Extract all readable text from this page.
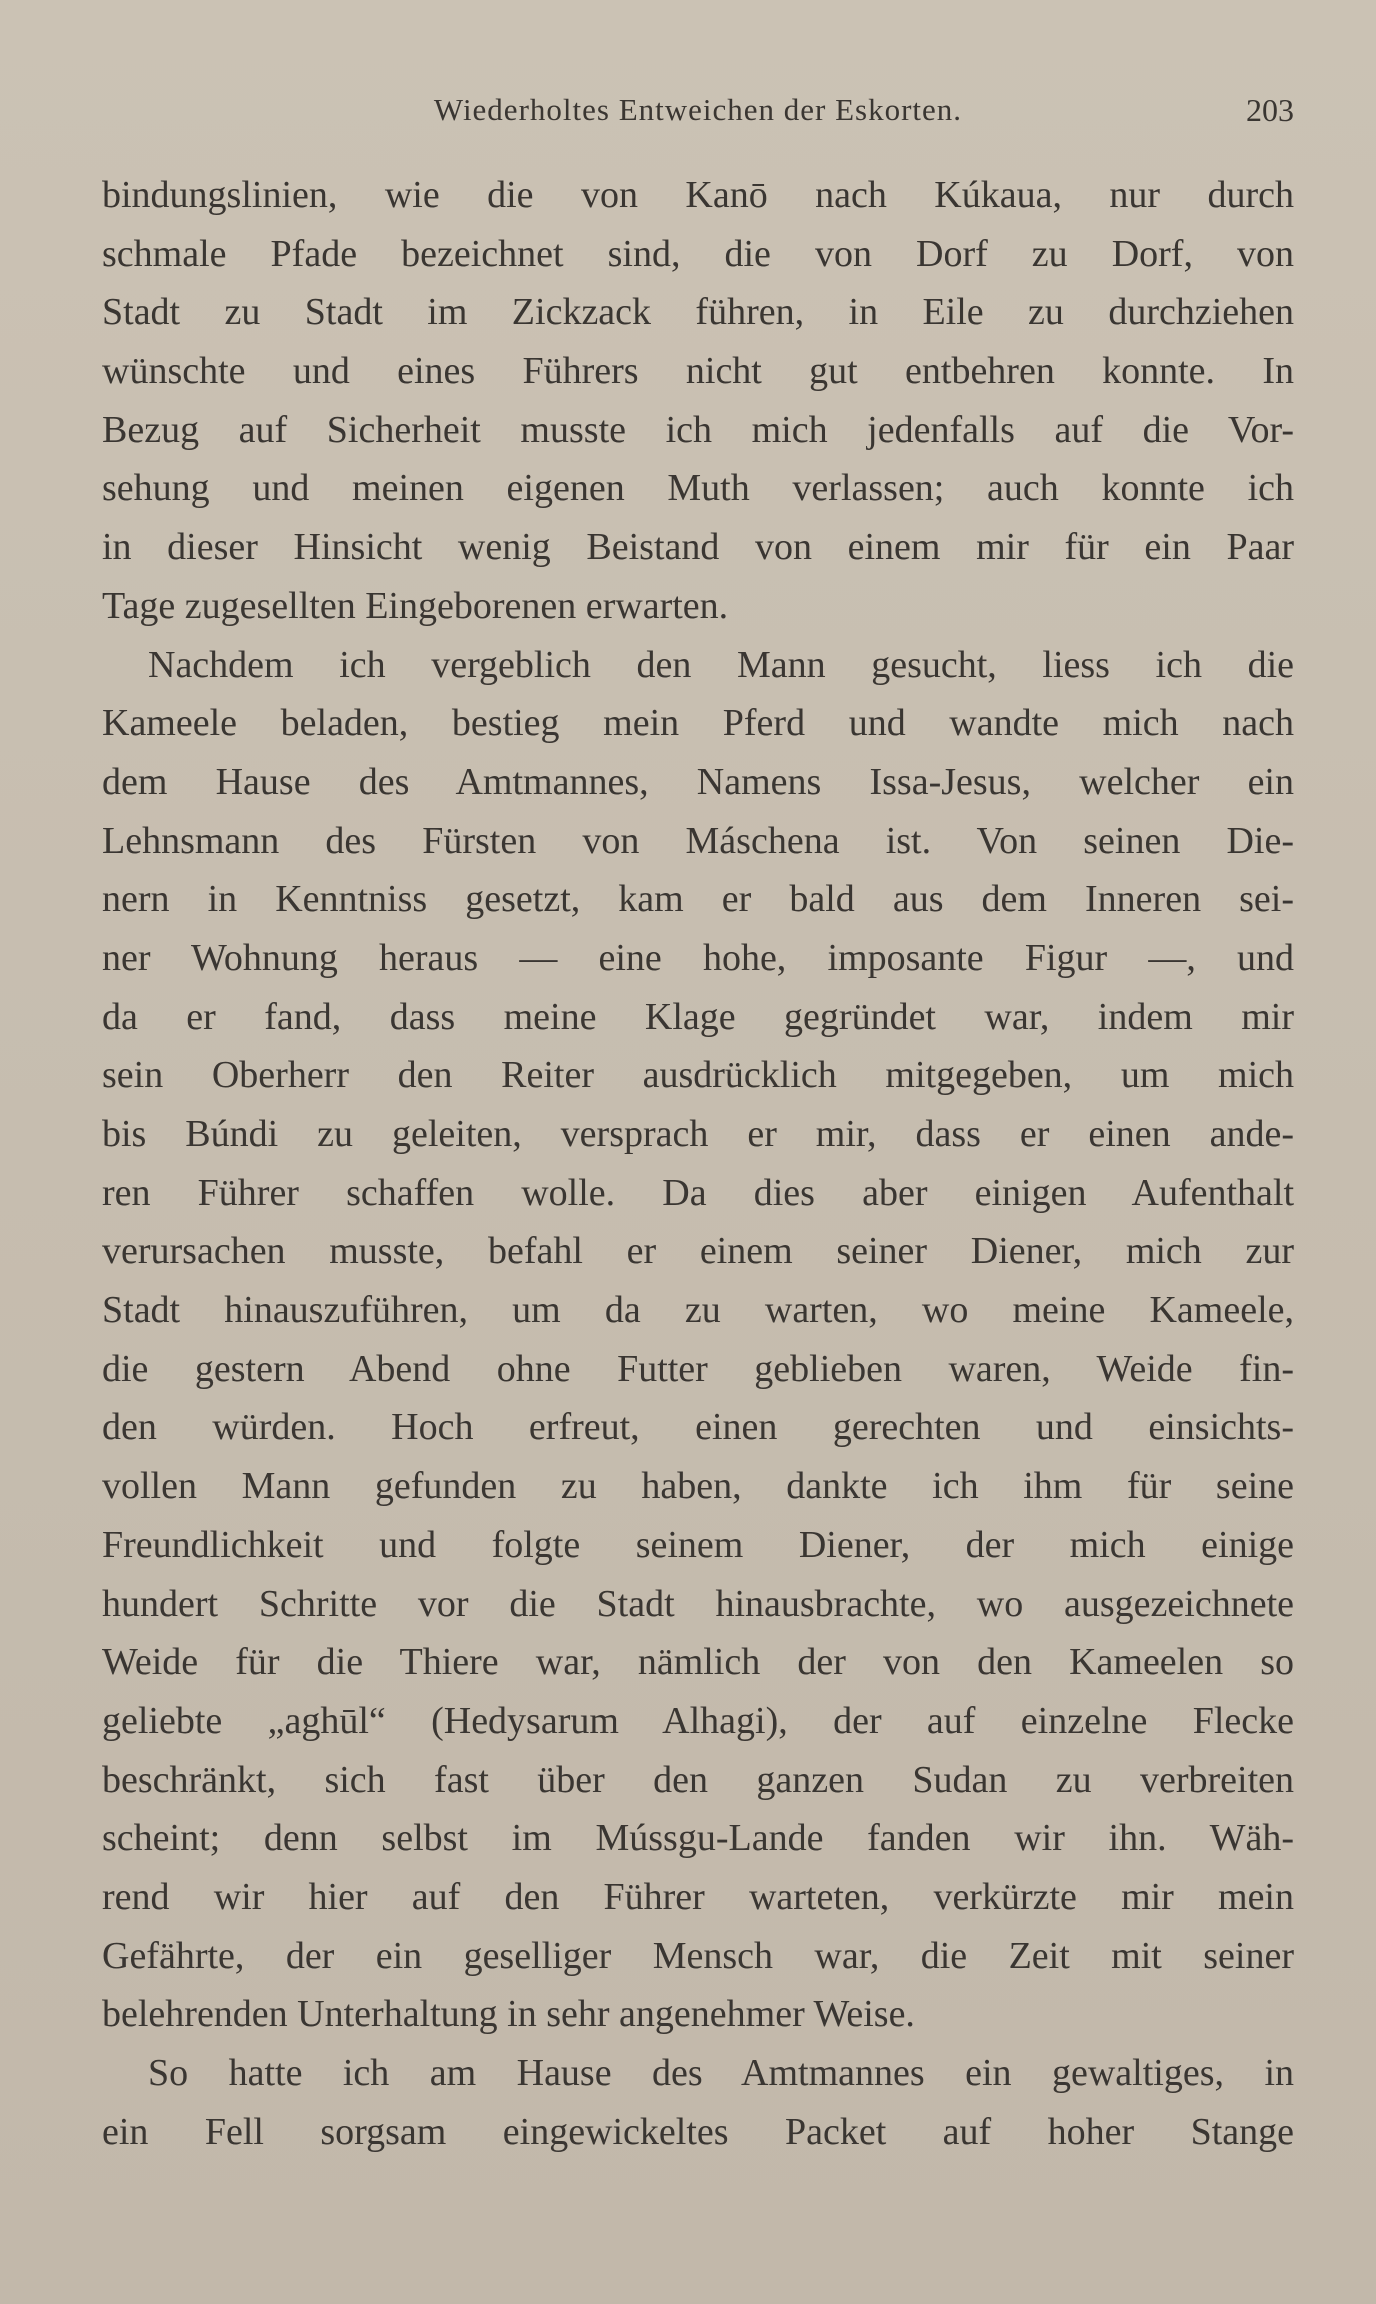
Wiederholtes Entweichen der Eskorten.	203
bindungslinien, wie die von Kanō nach Kúkaua, nur durch
schmale Pfade bezeichnet sind, die von Dorf zu Dorf, von
Stadt zu Stadt im Zickzack führen, in Eile zu durchziehen
wünschte und eines Führers nicht gut entbehren konnte. In
Bezug auf Sicherheit musste ich mich jedenfalls auf die Vor-
sehung und meinen eigenen Muth verlassen; auch konnte ich
in dieser Hinsicht wenig Beistand von einem mir für ein Paar
Tage zugesellten Eingeborenen erwarten.
Nachdem ich vergeblich den Mann gesucht, liess ich die
Kameele beladen, bestieg mein Pferd und wandte mich nach
dem Hause des Amtmannes, Namens Issa-Jesus, welcher ein
Lehnsmann des Fürsten von Máschena ist. Von seinen Die-
nern in Kenntniss gesetzt, kam er bald aus dem Inneren sei-
ner Wohnung heraus — eine hohe, imposante Figur —, und
da er fand, dass meine Klage gegründet war, indem mir
sein Oberherr den Reiter ausdrücklich mitgegeben, um mich
bis Búndi zu geleiten, versprach er mir, dass er einen ande-
ren Führer schaffen wolle. Da dies aber einigen Aufenthalt
verursachen musste, befahl er einem seiner Diener, mich zur
Stadt hinauszuführen, um da zu warten, wo meine Kameele,
die gestern Abend ohne Futter geblieben waren, Weide fin-
den würden. Hoch erfreut, einen gerechten und einsichts-
vollen Mann gefunden zu haben, dankte ich ihm für seine
Freundlichkeit und folgte seinem Diener, der mich einige
hundert Schritte vor die Stadt hinausbrachte, wo ausgezeichnete
Weide für die Thiere war, nämlich der von den Kameelen so
geliebte „aghūl“ (Hedysarum Alhagi), der auf einzelne Flecke
beschränkt, sich fast über den ganzen Sudan zu verbreiten
scheint; denn selbst im Mússgu-Lande fanden wir ihn. Wäh-
rend wir hier auf den Führer warteten, verkürzte mir mein
Gefährte, der ein geselliger Mensch war, die Zeit mit seiner
belehrenden Unterhaltung in sehr angenehmer Weise.
So hatte ich am Hause des Amtmannes ein gewaltiges, in
ein Fell sorgsam eingewickeltes Packet auf hoher Stange
